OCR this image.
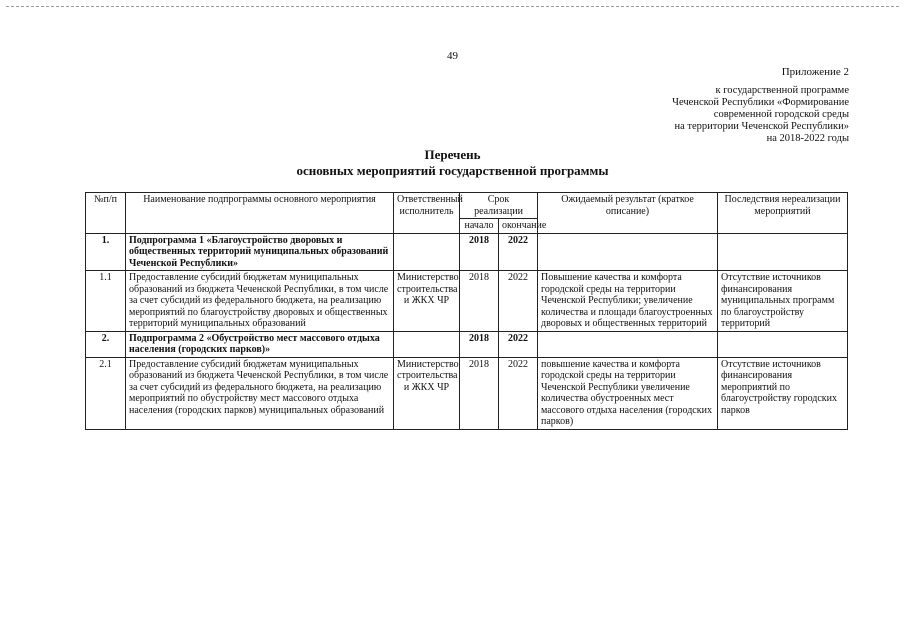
49
Приложение 2
к государственной программе
Чеченской Республики «Формирование
современной городской среды
на территории Чеченской Республики»
на 2018-2022 годы
Перечень
основных мероприятий государственной программы
№п/п	Наименование подпрограммы основного мероприятия	Ответственный исполнитель	Срок реализации		Ожидаемый результат (краткое описание)	Последствия нереализации мероприятий
			начало	окончание		
1.	Подпрограмма 1 «Благоустройство дворовых и общественных территорий муниципальных образований Чеченской Республики»		2018	2022		
1.1	Предоставление субсидий бюджетам муниципальных образований из бюджета Чеченской Республики, в том числе за счет субсидий из федерального бюджета, на реализацию мероприятий по благоустройству дворовых и общественных территорий муниципальных образований	Министерство строительства и ЖКХ ЧР	2018	2022	Повышение качества и комфорта городской среды на территории Чеченской Республики; увеличение количества и площади благоустроенных дворовых и общественных территорий	Отсутствие источников финансирования муниципальных программ по благоустройству территорий
2.	Подпрограмма 2 «Обустройство мест массового отдыха населения (городских парков)»		2018	2022		
2.1	Предоставление субсидий бюджетам муниципальных образований из бюджета Чеченской Республики, в том числе за счет субсидий из федерального бюджета, на реализацию мероприятий по обустройству мест массового отдыха населения (городских парков) муниципальных образований	Министерство строительства и ЖКХ ЧР	2018	2022	повышение качества и комфорта городской среды на территории Чеченской Республики увеличение количества обустроенных мест массового отдыха населения (городских парков)	Отсутствие источников финансирования мероприятий по благоустройству городских парков
